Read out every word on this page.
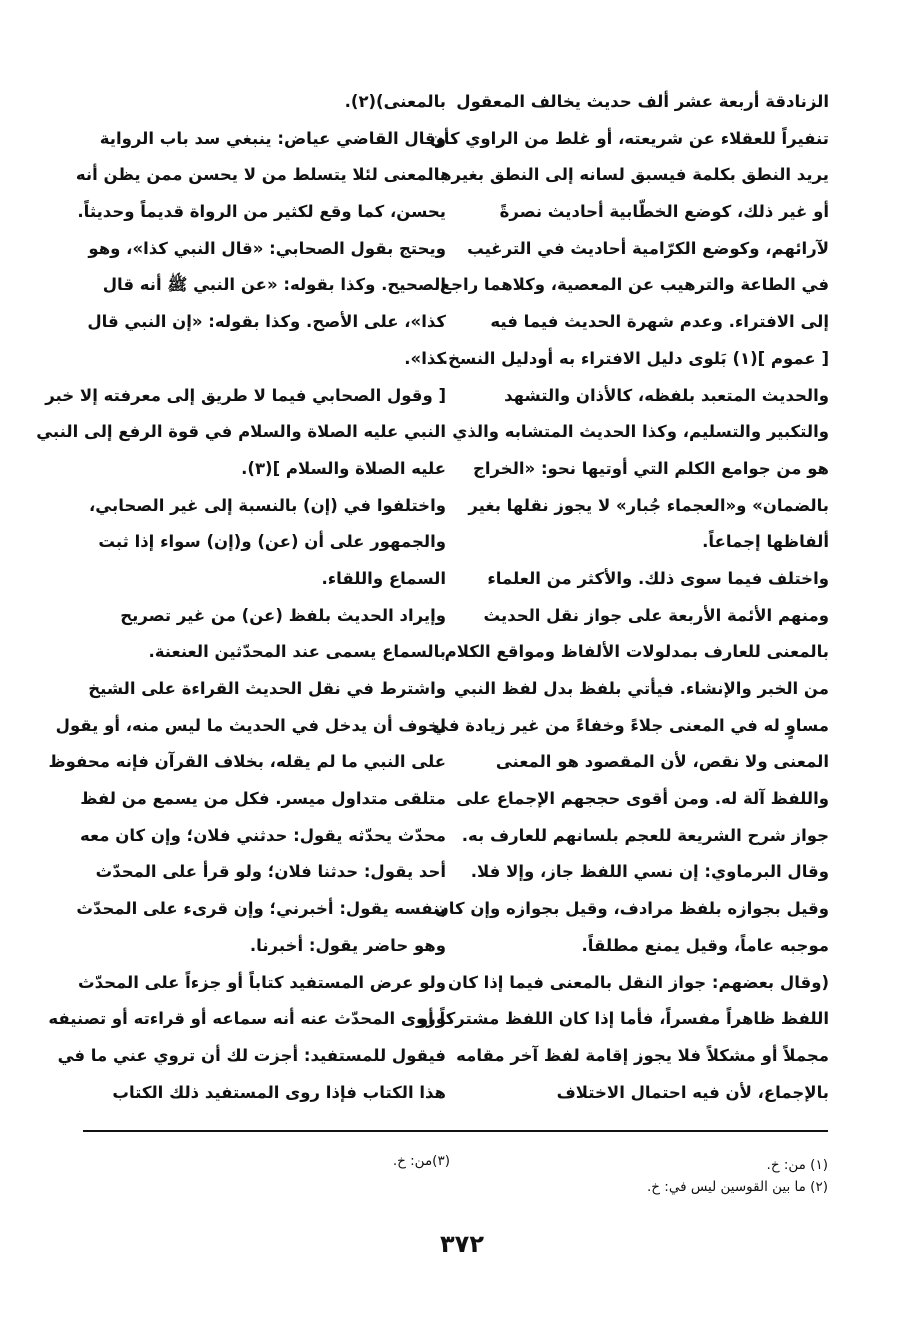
الزنادقة أربعة عشر ألف حديث يخالف المعقول
تنفيراً للعقلاء عن شريعته، أو غلط من الراوي كأن
يريد النطق بكلمة فيسبق لسانه إلى النطق بغيرها.
أو غير ذلك، كوضع الخطّابية أحاديث نصرةً
لآرائهم، وكوضع الكرّامية أحاديث في الترغيب
في الطاعة والترهيب عن المعصية، وكلاهما راجع
إلى الافتراء. وعدم شهرة الحديث فيما فيه
[ عموم ](١) بَلوى دليل الافتراء به أودليل النسخ.
والحديث المتعبد بلفظه، كالأذان والتشهد
والتكبير والتسليم، وكذا الحديث المتشابه والذي
هو من جوامع الكلم التي أوتيها نحو: «الخراج
بالضمان» و«العجماء جُبار» لا يجوز نقلها بغير
ألفاظها إجماعاً.
واختلف فيما سوى ذلك. والأكثر من العلماء
ومنهم الأئمة الأربعة على جواز نقل الحديث
بالمعنى للعارف بمدلولات الألفاظ ومواقع الكلام
من الخبر والإنشاء. فيأتي بلفظ بدل لفظ النبي
مساوٍ له في المعنى جلاءً وخفاءً من غير زيادة في
المعنى ولا نقص، لأن المقصود هو المعنى
واللفظ آلة له. ومن أقوى حججهم الإجماع على
جواز شرح الشريعة للعجم بلسانهم للعارف به.
وقال البرماوي: إن نسي اللفظ جاز، وإلا فلا.
وقيل بجوازه بلفظ مرادف، وقيل بجوازه وإن كان
موجبه عاماً، وقيل يمنع مطلقاً.
(وقال بعضهم: جواز النقل بالمعنى فيما إذا كان
اللفظ ظاهراً مفسراً، فأما إذا كان اللفظ مشتركاً أو
مجملاً أو مشكلاً فلا يجوز إقامة لفظ آخر مقامه
بالإجماع، لأن فيه احتمال الاختلاف
بالمعنى)(٢).
وقال القاضي عياض: ينبغي سد باب الرواية
بالمعنى لئلا يتسلط من لا يحسن ممن يظن أنه
يحسن، كما وقع لكثير من الرواة قديماً وحديثاً.
ويحتج بقول الصحابي: «قال النبي كذا»، وهو
الصحيح. وكذا بقوله: «عن النبي ﷺ أنه قال
كذا»، على الأصح. وكذا بقوله: «إن النبي قال
كذا».
[ وقول الصحابي فيما لا طريق إلى معرفته إلا خبر
النبي عليه الصلاة والسلام في قوة الرفع إلى النبي
عليه الصلاة والسلام ](٣).
واختلفوا في (إن) بالنسبة إلى غير الصحابي،
والجمهور على أن (عن) و(إن) سواء إذا ثبت
السماع واللقاء.
وإيراد الحديث بلفظ (عن) من غير تصريح
بالسماع يسمى عند المحدّثين العنعنة.
واشترط في نقل الحديث القراءة على الشيخ
لخوف أن يدخل في الحديث ما ليس منه، أو يقول
على النبي ما لم يقله، بخلاف القرآن فإنه محفوظ
متلقى متداول ميسر. فكل من يسمع من لفظ
محدّث يحدّثه يقول: حدثني فلان؛ وإن كان معه
أحد يقول: حدثنا فلان؛ ولو قرأ على المحدّث
بنفسه يقول: أخبرني؛ وإن قرىء على المحدّث
وهو حاضر يقول: أخبرنا.
ولو عرض المستفيد كتاباً أو جزءاً على المحدّث
وروى المحدّث عنه أنه سماعه أو قراءته أو تصنيفه
فيقول للمستفيد: أجزت لك أن تروي عني ما في
هذا الكتاب فإذا روى المستفيد ذلك الكتاب
(١) من: خ.
(٢) ما بين القوسين ليس في: خ.
(٣)من: خ.
٣٧٢
